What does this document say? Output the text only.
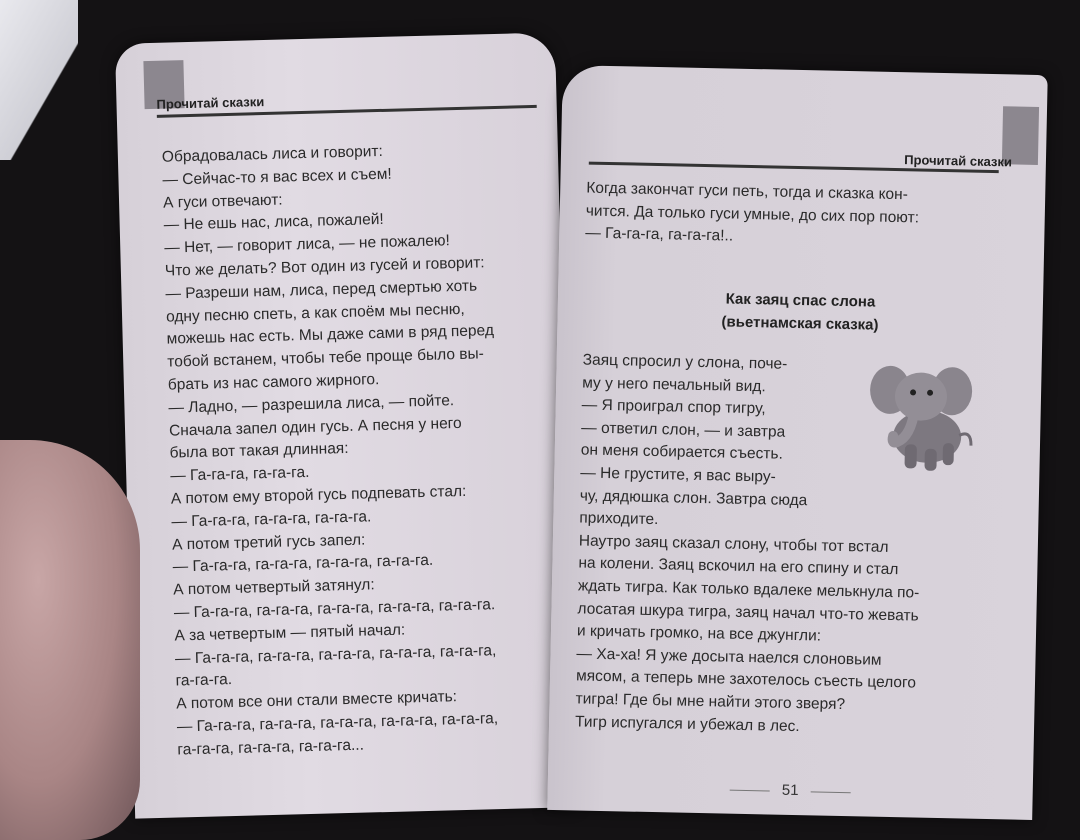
Прочитай сказки
Обрадовалась лиса и говорит:
— Сейчас-то я вас всех и съем!
А гуси отвечают:
— Не ешь нас, лиса, пожалей!
— Нет, — говорит лиса, — не пожалею!
Что же делать? Вот один из гусей и говорит:
— Разреши нам, лиса, перед смертью хоть
одну песню спеть, а как споём мы песню,
можешь нас есть. Мы даже сами в ряд перед
тобой встанем, чтобы тебе проще было вы-
брать из нас самого жирного.
— Ладно, — разрешила лиса, — пойте.
Сначала запел один гусь. А песня у него
была вот такая длинная:
— Га-га-га, га-га-га.
А потом ему второй гусь подпевать стал:
— Га-га-га, га-га-га, га-га-га.
А потом третий гусь запел:
— Га-га-га, га-га-га, га-га-га, га-га-га.
А потом четвертый затянул:
— Га-га-га, га-га-га, га-га-га, га-га-га, га-га-га.
А за четвертым — пятый начал:
— Га-га-га, га-га-га, га-га-га, га-га-га, га-га-га,
га-га-га.
А потом все они стали вместе кричать:
— Га-га-га, га-га-га, га-га-га, га-га-га, га-га-га,
га-га-га, га-га-га, га-га-га...
Прочитай сказки
Когда закончат гуси петь, тогда и сказка кон-
чится. Да только гуси умные, до сих пор поют:
— Га-га-га, га-га-га!..
Как заяц спас слона
(вьетнамская сказка)
Заяц спросил у слона, поче-
му у него печальный вид.
— Я проиграл спор тигру,
— ответил слон, — и завтра
он меня собирается съесть.
— Не грустите, я вас выру-
чу, дядюшка слон. Завтра сюда
приходите.
Наутро заяц сказал слону, чтобы тот встал
на колени. Заяц вскочил на его спину и стал
ждать тигра. Как только вдалеке мелькнула по-
лосатая шкура тигра, заяц начал что-то жевать
и кричать громко, на все джунгли:
— Ха-ха! Я уже досыта наелся слоновьим
мясом, а теперь мне захотелось съесть целого
тигра! Где бы мне найти этого зверя?
Тигр испугался и убежал в лес.
51
